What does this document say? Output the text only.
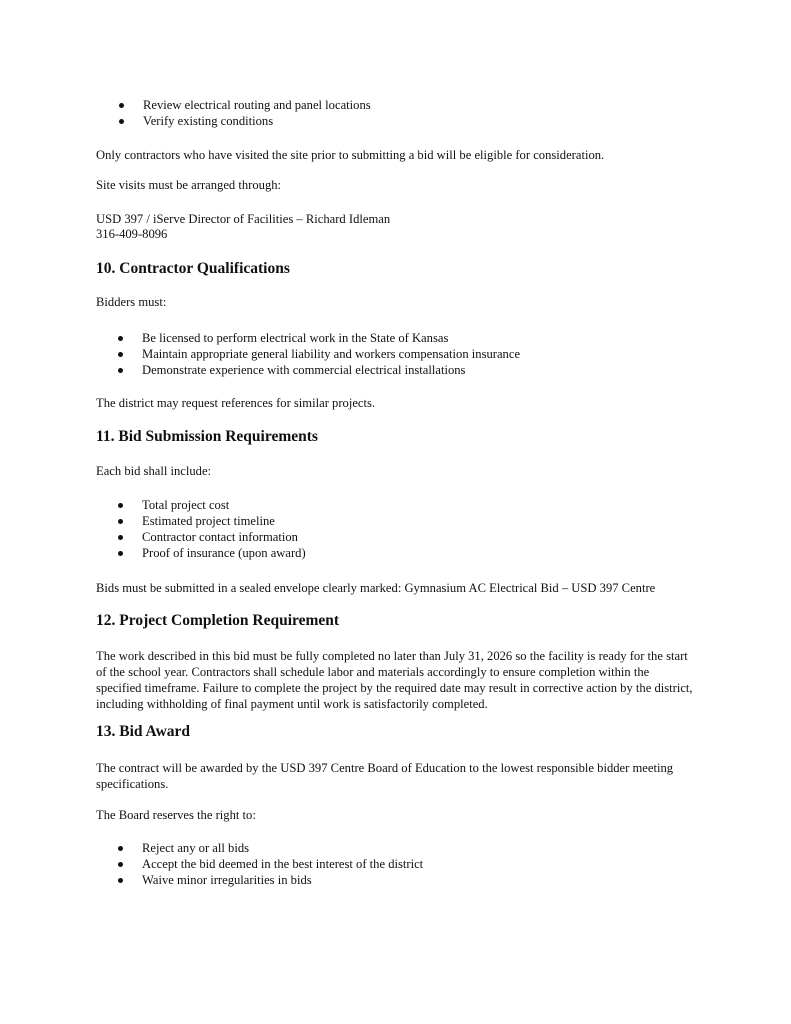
Review electrical routing and panel locations
Verify existing conditions
Only contractors who have visited the site prior to submitting a bid will be eligible for consideration.
Site visits must be arranged through:
USD 397 / iServe Director of Facilities – Richard Idleman
316-409-8096
10. Contractor Qualifications
Bidders must:
Be licensed to perform electrical work in the State of Kansas
Maintain appropriate general liability and workers compensation insurance
Demonstrate experience with commercial electrical installations
The district may request references for similar projects.
11. Bid Submission Requirements
Each bid shall include:
Total project cost
Estimated project timeline
Contractor contact information
Proof of insurance (upon award)
Bids must be submitted in a sealed envelope clearly marked: Gymnasium AC Electrical Bid – USD 397 Centre
12. Project Completion Requirement
The work described in this bid must be fully completed no later than July 31, 2026 so the facility is ready for the start of the school year. Contractors shall schedule labor and materials accordingly to ensure completion within the specified timeframe. Failure to complete the project by the required date may result in corrective action by the district, including withholding of final payment until work is satisfactorily completed.
13. Bid Award
The contract will be awarded by the USD 397 Centre Board of Education to the lowest responsible bidder meeting specifications.
The Board reserves the right to:
Reject any or all bids
Accept the bid deemed in the best interest of the district
Waive minor irregularities in bids
